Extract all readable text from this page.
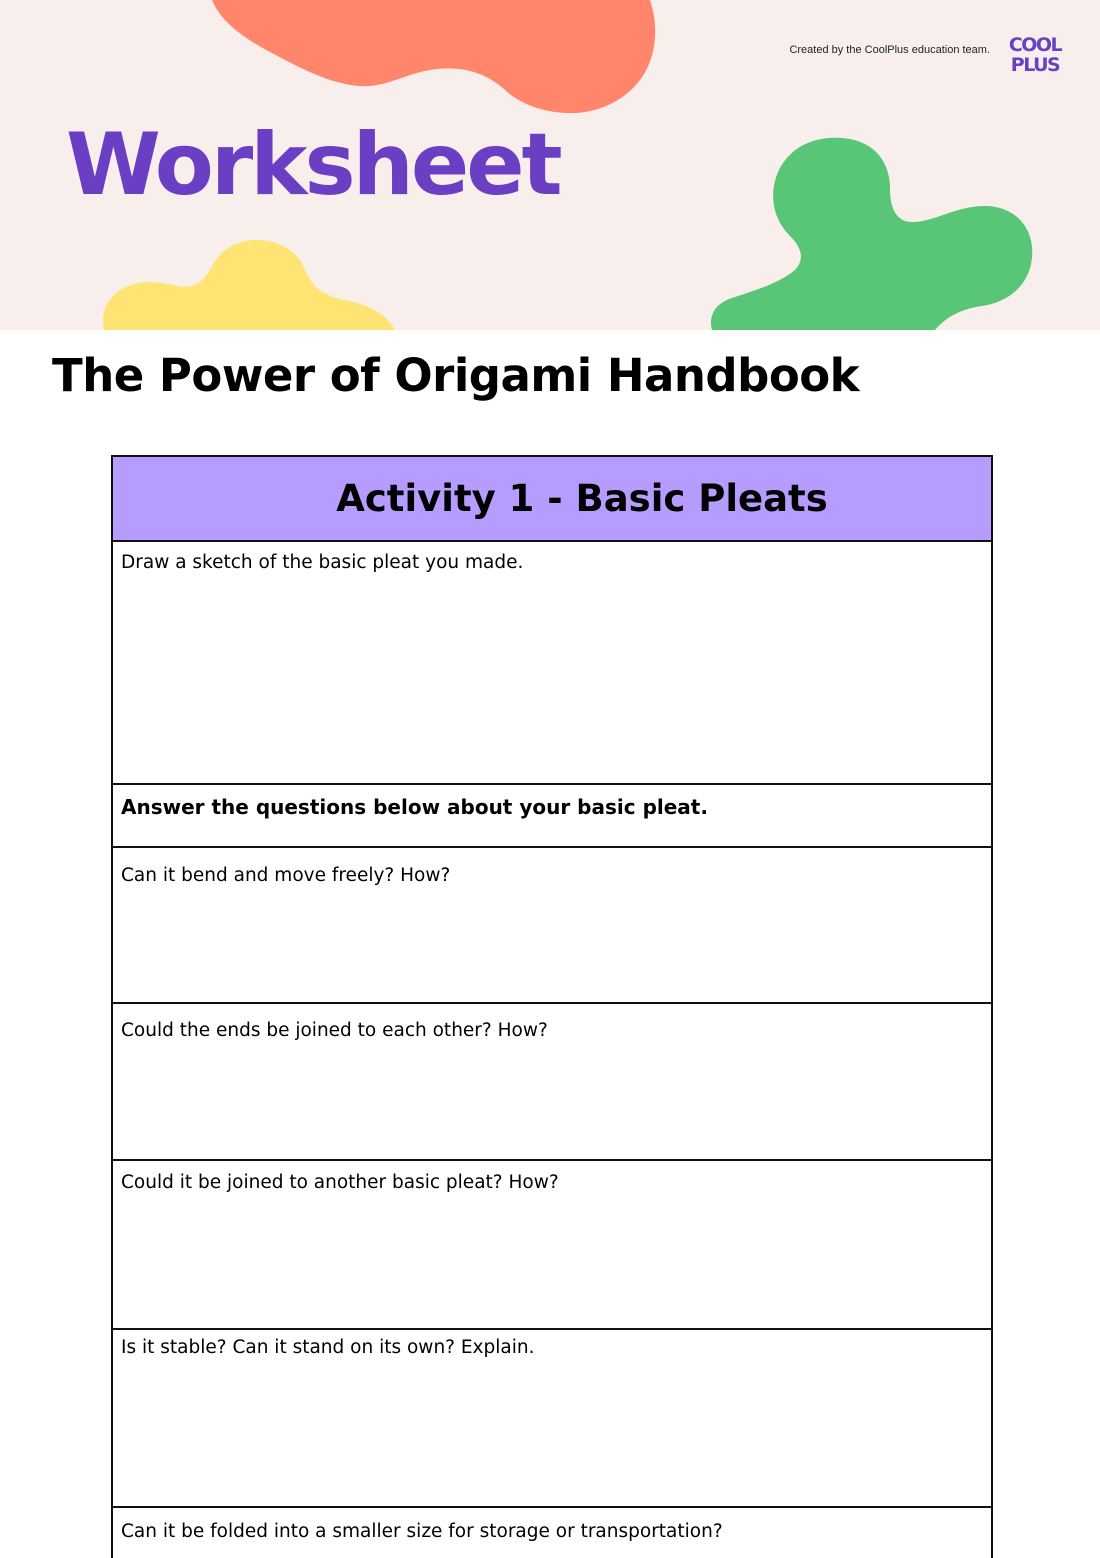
Created by the CoolPlus education team. COOL
PLUS
Worksheet
The Power of Origami Handbook
Activity 1 - Basic Pleats
Draw a sketch of the basic pleat you made.
Answer the questions below about your basic pleat.
Can it bend and move freely? How?
Could the ends be joined to each other? How?
Could it be joined to another basic pleat? How?
Is it stable? Can it stand on its own? Explain.
Can it be folded into a smaller size for storage or transportation?
